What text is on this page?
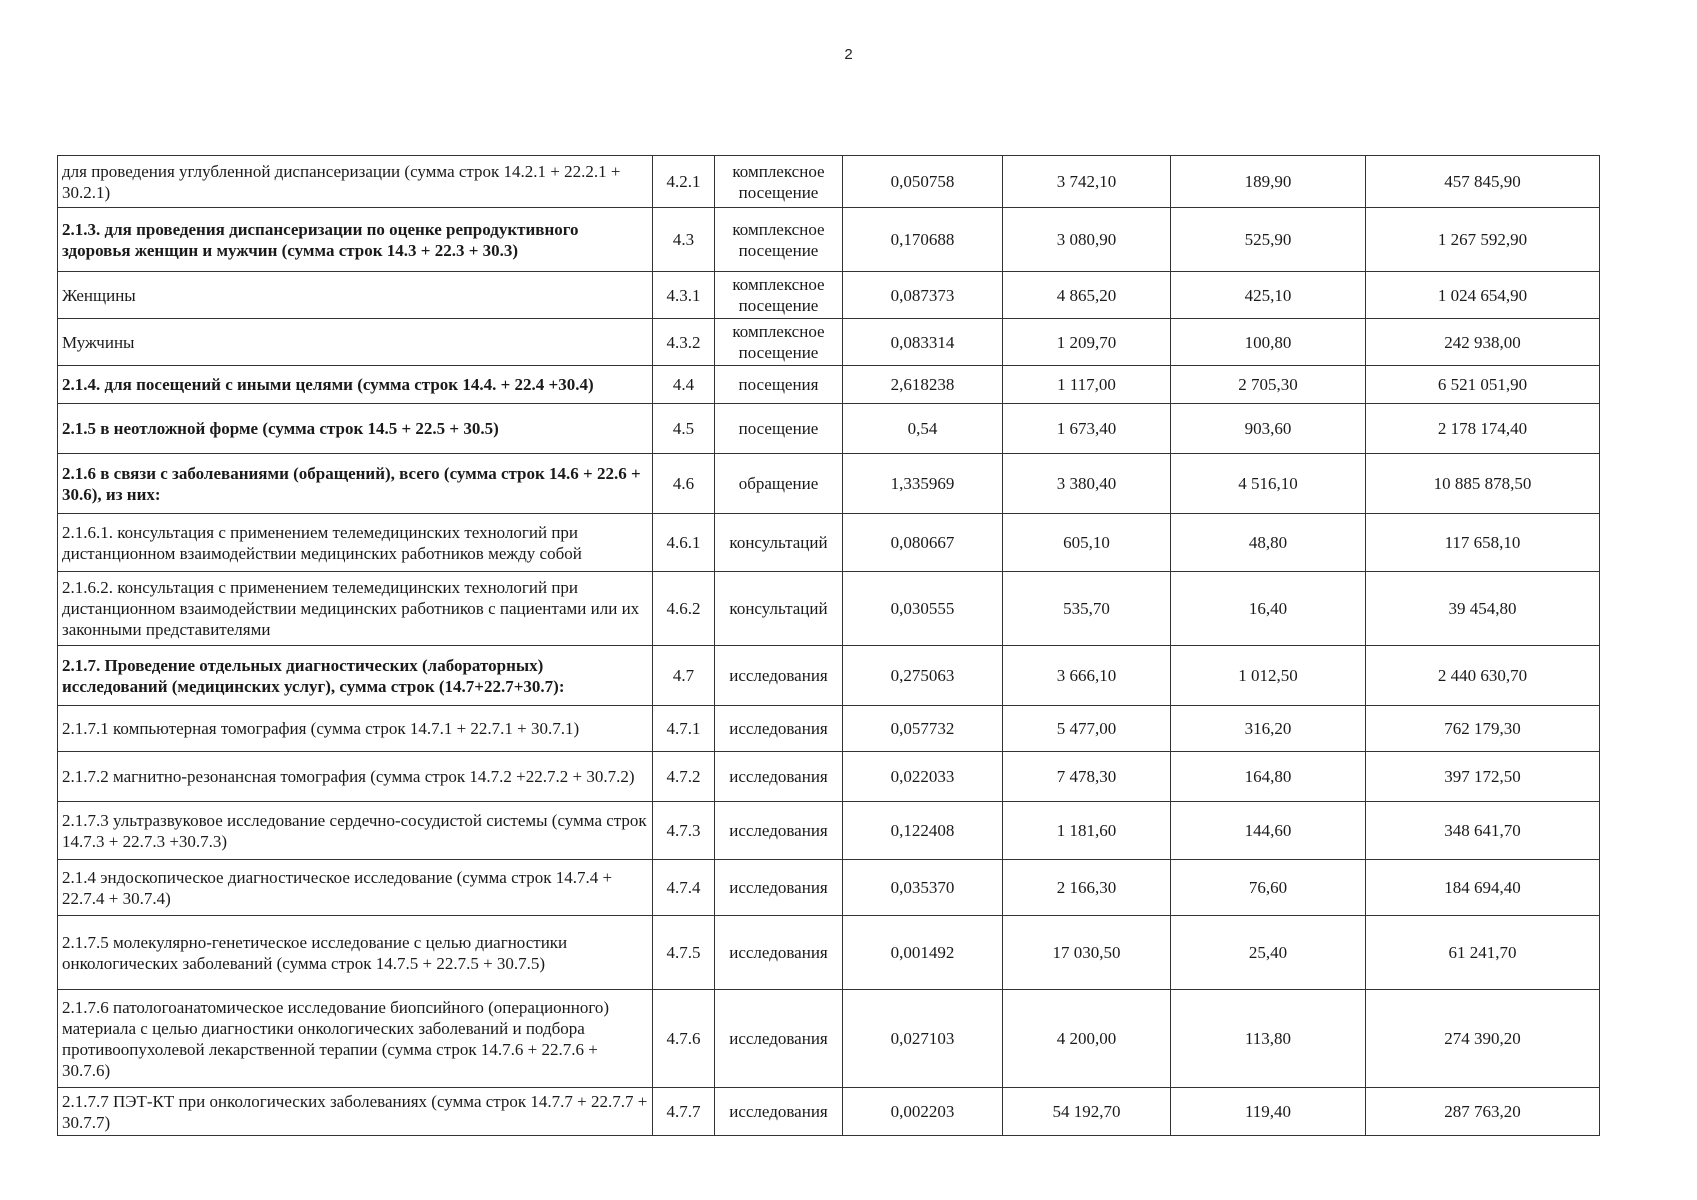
2
для проведения углубленной диспансеризации (сумма строк 14.2.1 + 22.2.1 + 30.2.1)	4.2.1	комплексное посещение	0,050758	3 742,10	189,90	457 845,90
2.1.3. для проведения диспансеризации по оценке репродуктивного здоровья женщин и мужчин (сумма строк 14.3 + 22.3 + 30.3)	4.3	комплексное посещение	0,170688	3 080,90	525,90	1 267 592,90
Женщины	4.3.1	комплексное посещение	0,087373	4 865,20	425,10	1 024 654,90
Мужчины	4.3.2	комплексное посещение	0,083314	1 209,70	100,80	242 938,00
2.1.4. для посещений с иными целями (сумма строк 14.4. + 22.4 +30.4)	4.4	посещения	2,618238	1 117,00	2 705,30	6 521 051,90
2.1.5 в неотложной форме (сумма строк 14.5 + 22.5 + 30.5)	4.5	посещение	0,54	1 673,40	903,60	2 178 174,40
2.1.6 в связи с заболеваниями (обращений), всего (сумма строк 14.6 + 22.6 + 30.6), из них:	4.6	обращение	1,335969	3 380,40	4 516,10	10 885 878,50
2.1.6.1. консультация с применением телемедицинских технологий при дистанционном взаимодействии медицинских работников между собой	4.6.1	консультаций	0,080667	605,10	48,80	117 658,10
2.1.6.2. консультация с применением телемедицинских технологий при дистанционном взаимодействии медицинских работников с пациентами или их законными представителями	4.6.2	консультаций	0,030555	535,70	16,40	39 454,80
2.1.7. Проведение отдельных диагностических (лабораторных) исследований (медицинских услуг), сумма строк (14.7+22.7+30.7):	4.7	исследования	0,275063	3 666,10	1 012,50	2 440 630,70
2.1.7.1 компьютерная томография (сумма строк 14.7.1 + 22.7.1 + 30.7.1)	4.7.1	исследования	0,057732	5 477,00	316,20	762 179,30
2.1.7.2 магнитно-резонансная томография (сумма строк 14.7.2 +22.7.2 + 30.7.2)	4.7.2	исследования	0,022033	7 478,30	164,80	397 172,50
2.1.7.3 ультразвуковое исследование сердечно-сосудистой системы (сумма строк 14.7.3 + 22.7.3 +30.7.3)	4.7.3	исследования	0,122408	1 181,60	144,60	348 641,70
2.1.4 эндоскопическое диагностическое исследование (сумма строк 14.7.4 + 22.7.4 + 30.7.4)	4.7.4	исследования	0,035370	2 166,30	76,60	184 694,40
2.1.7.5 молекулярно-генетическое исследование с целью диагностики онкологических заболеваний (сумма строк 14.7.5 + 22.7.5 + 30.7.5)	4.7.5	исследования	0,001492	17 030,50	25,40	61 241,70
2.1.7.6 патологоанатомическое исследование биопсийного (операционного) материала с целью диагностики онкологических заболеваний и подбора противоопухолевой лекарственной терапии (сумма строк 14.7.6 + 22.7.6 + 30.7.6)	4.7.6	исследования	0,027103	4 200,00	113,80	274 390,20
2.1.7.7 ПЭТ-КТ при онкологических заболеваниях (сумма строк 14.7.7 + 22.7.7 + 30.7.7)	4.7.7	исследования	0,002203	54 192,70	119,40	287 763,20
